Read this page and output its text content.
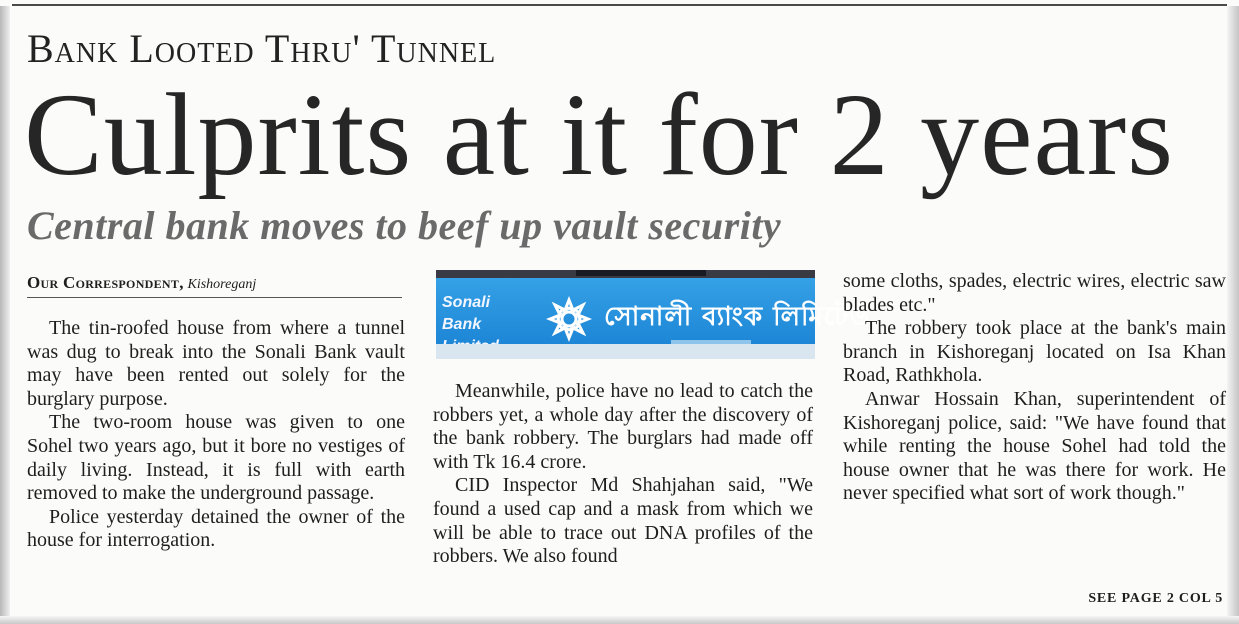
Bank Looted Thru' Tunnel
Culprits at it for 2 years
Central bank moves to beef up vault security
Our Correspondent, Kishoreganj

The tin-roofed house from where a tunnel was dug to break into the Sonali Bank vault may have been rented out solely for the burglary purpose.

The two-room house was given to one Sohel two years ago, but it bore no vestiges of daily living. Instead, it is full with earth removed to make the underground passage.

Police yesterday detained the owner of the house for interrogation.

Sonali Bank	সোনালী ব্যাংক লিমিটেড

Meanwhile, police have no lead to catch the robbers yet, a whole day after the discovery of the bank robbery. The burglars had made off with Tk 16.4 crore.

CID Inspector Md Shahjahan said, "We found a used cap and a mask from which we will be able to trace out DNA profiles of the robbers. We also found

some cloths, spades, electric wires, electric saw blades etc."

The robbery took place at the bank's main branch in Kishoreganj located on Isa Khan Road, Rathkhola.

Anwar Hossain Khan, superintendent of Kishoreganj police, said: "We have found that while renting the house Sohel had told the house owner that he was there for work. He never specified what sort of work though."

SEE PAGE 2 COL 5
